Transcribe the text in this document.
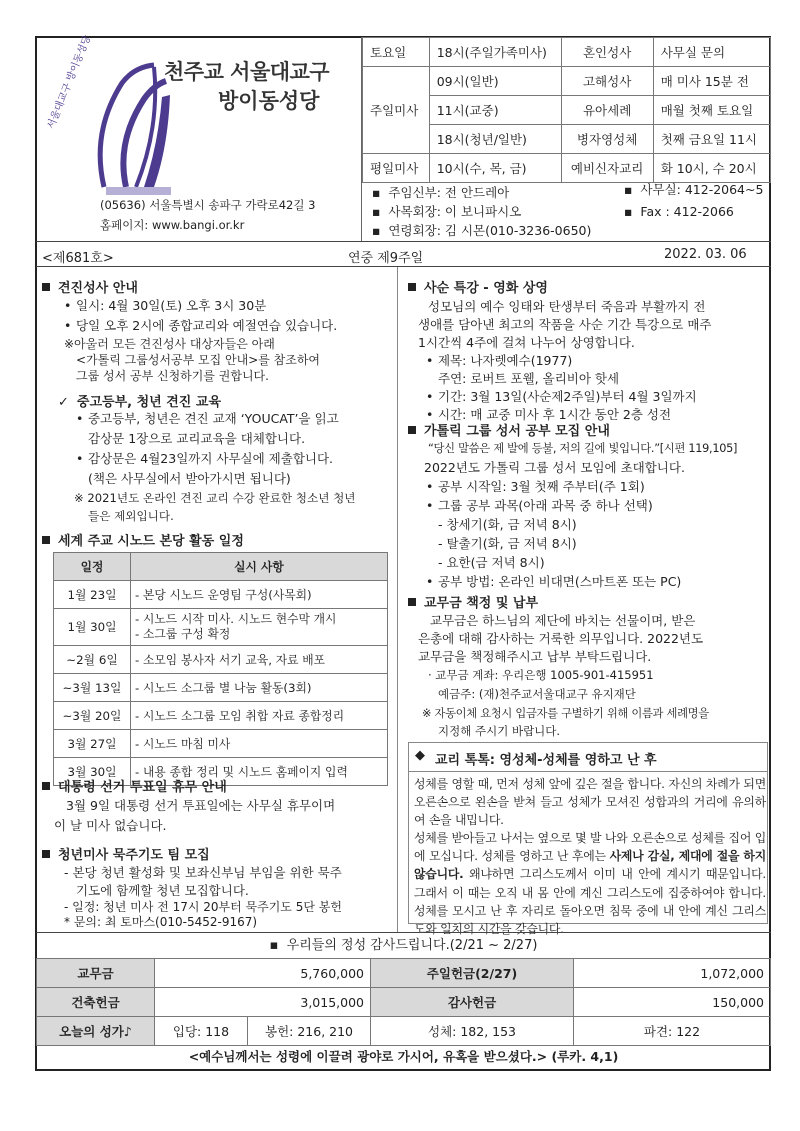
서울대교구 방이동성당	천주교 서울대교구
방이동성당
(05636) 서울특별시 송파구 가락로42길 3
홈페이지: www.bangi.or.kr
토요일	18시(주일가족미사)	혼인성사	사무실 문의
주일미사	09시(일반)	고해성사	매 미사 15분 전
	11시(교중)	유아세례	매월 첫째 토요일
	18시(청년/일반)	병자영성체	첫째 금요일 11시
평일미사	10시(수, 목, 금)	예비신자교리	화 10시, 수 20시
▪  주임신부: 전 안드레아
▪  사목회장: 이 보니파시오
▪  연령회장: 김 시몬(010-3236-0650)
▪  사무실: 412-2064~5
▪  Fax : 412-2066
<제681호>	연중 제9주일	2022. 03. 06
견진성사 안내
• 일시: 4월 30일(토) 오후 3시 30분
• 당일 오후 2시에 종합교리와 예절연습 있습니다.
※아울러 모든 견진성사 대상자들은 아래
<가톨릭 그룹성서공부 모집 안내>를 참조하여
그룹 성서 공부 신청하기를 권합니다.
✓ 중고등부, 청년 견진 교육
• 중고등부, 청년은 견진 교재 ‘YOUCAT’을 읽고
감상문 1장으로 교리교육을 대체합니다.
• 감상문은 4월23일까지 사무실에 제출합니다.
(책은 사무실에서 받아가시면 됩니다)
※ 2021년도 온라인 견진 교리 수강 완료한 청소년 청년
들은 제외입니다.
세계 주교 시노드 본당 활동 일정
일정	실시 사항
1월 23일	- 본당 시노드 운영팀 구성(사목회)
1월 30일	- 시노드 시작 미사. 시노드 현수막 개시
- 소그룹 구성 확정

~2월 6일	- 소모임 봉사자 서기 교육, 자료 배포
~3월 13일	- 시노드 소그룹 별 나눔 활동(3회)
~3월 20일	- 시노드 소그룹 모임 취합 자료 종합정리
3월 27일	- 시노드 마침 미사
3월 30일	- 내용 종합 정리 및 시노드 홈페이지 입력
대통령 선거 투표일 휴무 안내
3월 9일 대통령 선거 투표일에는 사무실 휴무이며
이 날 미사 없습니다.
청년미사 묵주기도 팀 모집
- 본당 청년 활성화 및 보좌신부님 부임을 위한 묵주
기도에 함께할 청년 모집합니다.
- 일정: 청년 미사 전 17시 20부터 묵주기도 5단 봉헌
* 문의: 최 토마스(010-5452-9167)
사순 특강 - 영화 상영
성모님의 예수 잉태와 탄생부터 죽음과 부활까지 전
생애를 담아낸 최고의 작품을 사순 기간 특강으로 매주
1시간씩 4주에 걸쳐 나누어 상영합니다.
• 제목: 나자렛예수(1977)
주연: 로버트 포웰, 올리비아 핫세
• 기간: 3월 13일(사순제2주일)부터 4월 3일까지
• 시간: 매 교중 미사 후 1시간 동안 2층 성전
가톨릭 그룹 성서 공부 모집 안내
“당신 말씀은 제 발에 등불, 저의 길에 빛입니다.”[시편 119,105]
2022년도 가톨릭 그룹 성서 모임에 초대합니다.
• 공부 시작일: 3월 첫째 주부터(주 1회)
• 그룹 공부 과목(아래 과목 중 하나 선택)
- 창세기(화, 금 저녁 8시)
- 탈출기(화, 금 저녁 8시)
- 요한(금 저녁 8시)
• 공부 방법: 온라인 비대면(스마트폰 또는 PC)
교무금 책정 및 납부
교무금은 하느님의 제단에 바치는 선물이며, 받은
은총에 대해 감사하는 거룩한 의무입니다. 2022년도
교무금을 책정해주시고 납부 부탁드립니다.
· 교무금 계좌: 우리은행 1005-901-415951
예금주: (재)천주교서울대교구 유지재단
※ 자동이체 요청시 입금자를 구별하기 위해 이름과 세례명을
지정해 주시기 바랍니다.
◆ 교리 톡톡: 영성체-성체를 영하고 난 후
성체를 영할 때, 먼저 성체 앞에 깊은 절을 합니다. 자신의 차례가 되면 오른손으로 왼손을 받쳐 들고 성체가 모셔진 성합과의 거리에 유의하여 손을 내밉니다.
성체를 받아들고 나서는 옆으로 몇 발 나와 오른손으로 성체를 집어 입에 모십니다. 성체를 영하고 난 후에는 사제나 감실, 제대에 절을 하지 않습니다. 왜냐하면 그리스도께서 이미 내 안에 계시기 때문입니다. 그래서 이 때는 오직 내 몸 안에 계신 그리스도에 집중하여야 합니다. 성체를 모시고 난 후 자리로 돌아오면 침묵 중에 내 안에 계신 그리스도와 일치의 시간을 갖습니다.
▪  우리들의 정성 감사드립니다.(2/21 ~ 2/27)
교무금	5,760,000		주일헌금(2/27)	1,072,000
건축헌금	3,015,000		감사헌금	150,000
오늘의 성가♪	입당: 118	봉헌: 216, 210	성체: 182, 153	파견: 122
<예수님께서는 성령에 이끌려 광야로 가시어, 유혹을 받으셨다.> (루카. 4,1)
